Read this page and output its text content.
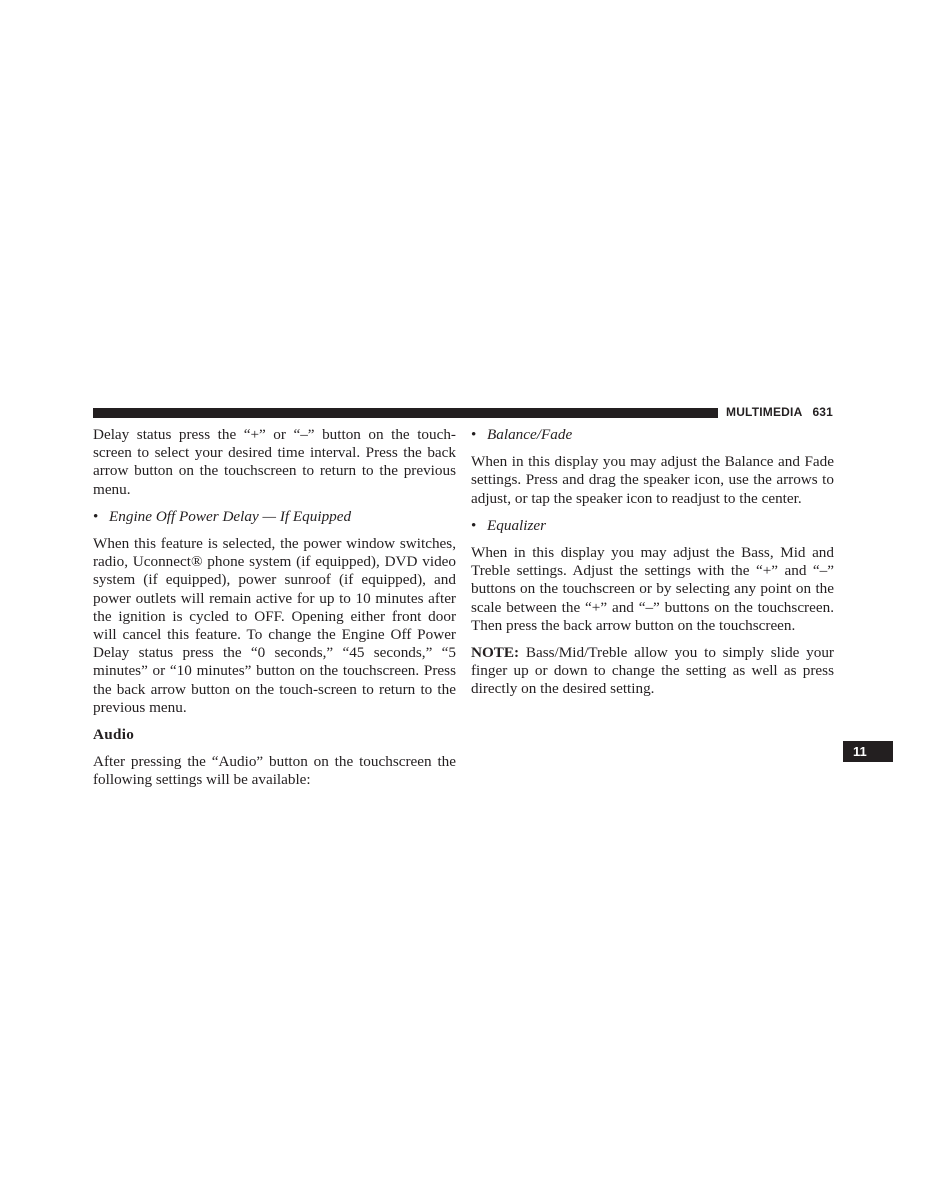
MULTIMEDIA 631

Delay status press the “+” or “–” button on the touch-screen to select your desired time interval. Press the back arrow button on the touchscreen to return to the previous menu.

• Engine Off Power Delay — If Equipped

When this feature is selected, the power window switches, radio, Uconnect® phone system (if equipped), DVD video system (if equipped), power sunroof (if equipped), and power outlets will remain active for up to 10 minutes after the ignition is cycled to OFF. Opening either front door will cancel this feature. To change the Engine Off Power Delay status press the “0 seconds,” “45 seconds,” “5 minutes” or “10 minutes” button on the touchscreen. Press the back arrow button on the touch-screen to return to the previous menu.

Audio

After pressing the “Audio” button on the touchscreen the following settings will be available:

• Balance/Fade

When in this display you may adjust the Balance and Fade settings. Press and drag the speaker icon, use the arrows to adjust, or tap the speaker icon to readjust to the center.

• Equalizer

When in this display you may adjust the Bass, Mid and Treble settings. Adjust the settings with the “+” and “–” buttons on the touchscreen or by selecting any point on the scale between the “+” and “–” buttons on the touchscreen. Then press the back arrow button on the touchscreen.

NOTE: Bass/Mid/Treble allow you to simply slide your finger up or down to change the setting as well as press directly on the desired setting.

11
